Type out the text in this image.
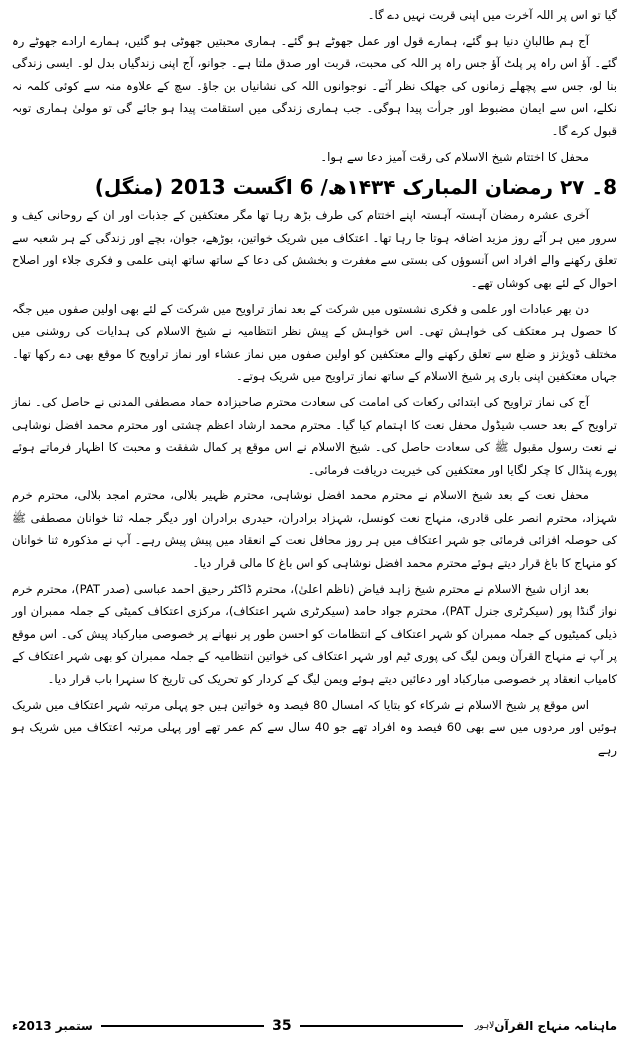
گیا تو اس پر اللہ آخرت میں اپنی قربت نہیں دے گا۔

آج ہم طالبانِ دنیا ہو گئے، ہمارے قول اور عمل جھوٹے ہو گئے۔ ہماری محبتیں جھوٹی ہو گئیں، ہمارے ارادے جھوٹے رہ گئے۔ آؤ اس راہ پر پلٹ آؤ جس راہ پر اللہ کی محبت، قربت اور صدق ملتا ہے۔ جوانو، آج اپنی زندگیاں بدل لو۔ ایسی زندگی بنا لو، جس سے پچھلے زمانوں کی جھلک نظر آئے۔ نوجوانوں اللہ کی نشانیاں بن جاؤ۔ سچ کے علاوہ منہ سے کوئی کلمہ نہ نکلے، اس سے ایمان مضبوط اور جرأت پیدا ہوگی۔ جب ہماری زندگی میں استقامت پیدا ہو جائے گی تو مولیٰ ہماری توبہ قبول کرے گا۔

محفل کا اختتام شیخ الاسلام کی رقت آمیز دعا سے ہوا۔

8۔ ۲۷ رمضان المبارک ۱۴۳۴ھ/ 6 اگست 2013 (منگل)

آخری عشرہ رمضان آہستہ آہستہ اپنے اختتام کی طرف بڑھ رہا تھا مگر معتکفین کے جذبات اور ان کے روحانی کیف و سرور میں ہر آئے روز مزید اضافہ ہوتا جا رہا تھا۔ اعتکاف میں شریک خواتین، بوڑھے، جوان، بچے اور زندگی کے ہر شعبہ سے تعلق رکھنے والے افراد اس آنسوؤں کی بستی سے مغفرت و بخشش کی دعا کے ساتھ ساتھ اپنی علمی و فکری جلاء اور اصلاح احوال کے لئے بھی کوشاں تھے۔

دن بھر عبادات اور علمی و فکری نشستوں میں شرکت کے بعد نماز تراویح میں شرکت کے لئے بھی اولین صفوں میں جگہ کا حصول ہر معتکف کی خواہش تھی۔ اس خواہش کے پیش نظر انتظامیہ نے شیخ الاسلام کی ہدایات کی روشنی میں مختلف ڈویژنز و ضلع سے تعلق رکھنے والے معتکفین کو اولین صفوں میں نماز عشاء اور نماز تراویح کا موقع بھی دے رکھا تھا۔ جہاں معتکفین اپنی باری پر شیخ الاسلام کے ساتھ نماز تراویح میں شریک ہوتے۔

آج کی نماز تراویح کی ابتدائی رکعات کی امامت کی سعادت محترم صاحبزادہ حماد مصطفی المدنی نے حاصل کی۔ نماز تراویح کے بعد حسب شیڈول محفل نعت کا اہتمام کیا گیا۔ محترم محمد ارشاد اعظم چشتی اور محترم محمد افضل نوشاہی نے نعت رسول مقبول ﷺ کی سعادت حاصل کی۔ شیخ الاسلام نے اس موقع پر کمال شفقت و محبت کا اظہار فرماتے ہوئے پورے پنڈال کا چکر لگایا اور معتکفین کی خیریت دریافت فرمائی۔

محفل نعت کے بعد شیخ الاسلام نے محترم محمد افضل نوشاہی، محترم ظہیر بلالی، محترم امجد بلالی، محترم خرم شہزاد، محترم انصر علی قادری، منہاج نعت کونسل، شہزاد برادران، حیدری برادران اور دیگر جملہ ثنا خوانان مصطفی ﷺ کی حوصلہ افزائی فرمائی جو شہر اعتکاف میں ہر روز محافل نعت کے انعقاد میں پیش پیش رہے۔ آپ نے مذکورہ ثنا خوانان کو منہاج کا باغ قرار دیتے ہوئے محترم محمد افضل نوشاہی کو اس باغ کا مالی قرار دیا۔

بعد ازاں شیخ الاسلام نے محترم شیخ زاہد فیاض (ناظم اعلیٰ)، محترم ڈاکٹر رحیق احمد عباسی (صدر PAT)، محترم خرم نواز گنڈا پور (سیکرٹری جنرل PAT)، محترم جواد حامد (سیکرٹری شہر اعتکاف)، مرکزی اعتکاف کمیٹی کے جملہ ممبران اور ذیلی کمیٹیوں کے جملہ ممبران کو شہر اعتکاف کے انتظامات کو احسن طور پر نبھانے پر خصوصی مبارکباد پیش کی۔ اس موقع پر آپ نے منہاج القرآن ویمن لیگ کی پوری ٹیم اور شہر اعتکاف کی خواتین انتظامیہ کے جملہ ممبران کو بھی شہر اعتکاف کے کامیاب انعقاد پر خصوصی مبارکباد اور دعائیں دیتے ہوئے ویمن لیگ کے کردار کو تحریک کی تاریخ کا سنہرا باب قرار دیا۔

اس موقع پر شیخ الاسلام نے شرکاء کو بتایا کہ امسال 80 فیصد وہ خواتین ہیں جو پہلی مرتبہ شہر اعتکاف میں شریک ہوئیں اور مردوں میں سے بھی 60 فیصد وہ افراد تھے جو 40 سال سے کم عمر تھے اور پہلی مرتبہ اعتکاف میں شریک ہو رہے

ستمبر 2013ء	35	لاہور ماہنامہ منہاج القرآن
